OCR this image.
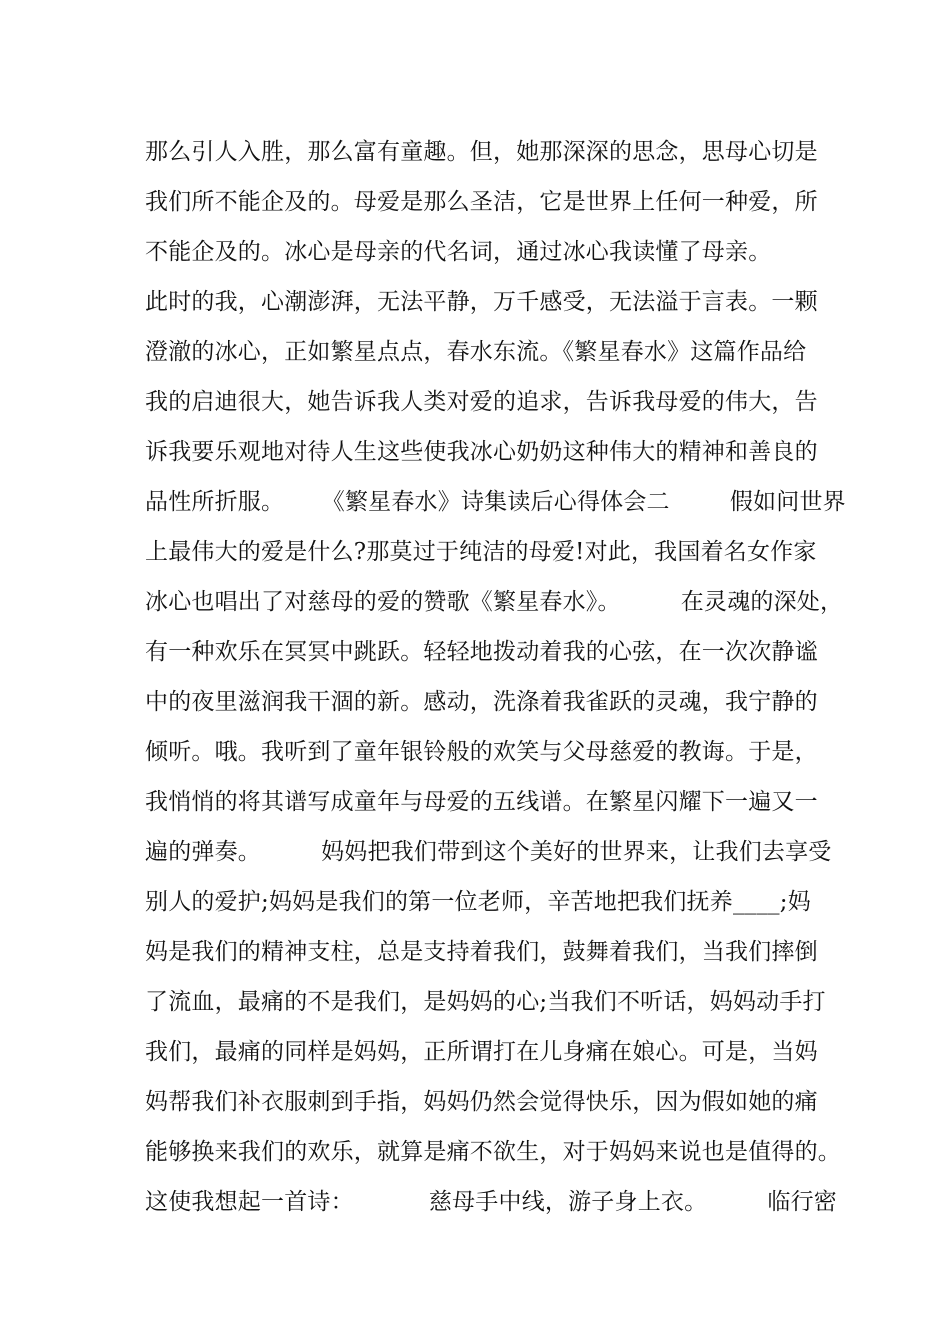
那么引人入胜，那么富有童趣。但，她那深深的思念，思母心切是
我们所不能企及的。母爱是那么圣洁，它是世界上任何一种爱，所
不能企及的。冰心是母亲的代名词，通过冰心我读懂了母亲。
此时的我，心潮澎湃，无法平静，万千感受，无法溢于言表。一颗
澄澈的冰心，正如繁星点点，春水东流。《繁星春水》这篇作品给
我的启迪很大，她告诉我人类对爱的追求，告诉我母爱的伟大，告
诉我要乐观地对待人生这些使我冰心奶奶这种伟大的精神和善良的
品性所折服。     《繁星春水》诗集读后心得体会二        假如问世界
上最伟大的爱是什么?那莫过于纯洁的母爱!对此，我国着名女作家
冰心也唱出了对慈母的爱的赞歌《繁星春水》。        在灵魂的深处，
有一种欢乐在冥冥中跳跃。轻轻地拨动着我的心弦，在一次次静谧
中的夜里滋润我干涸的新。感动，洗涤着我雀跃的灵魂，我宁静的
倾听。哦。我听到了童年银铃般的欢笑与父母慈爱的教诲。于是，
我悄悄的将其谱写成童年与母爱的五线谱。在繁星闪耀下一遍又一
遍的弹奏。        妈妈把我们带到这个美好的世界来，让我们去享受
别人的爱护;妈妈是我们的第一位老师，辛苦地把我们抚养____;妈
妈是我们的精神支柱，总是支持着我们，鼓舞着我们，当我们摔倒
了流血，最痛的不是我们，是妈妈的心;当我们不听话，妈妈动手打
我们，最痛的同样是妈妈，正所谓打在儿身痛在娘心。可是，当妈
妈帮我们补衣服刺到手指，妈妈仍然会觉得快乐，因为假如她的痛
能够换来我们的欢乐，就算是痛不欲生，对于妈妈来说也是值得的。
这使我想起一首诗：          慈母手中线，游子身上衣。        临行密
